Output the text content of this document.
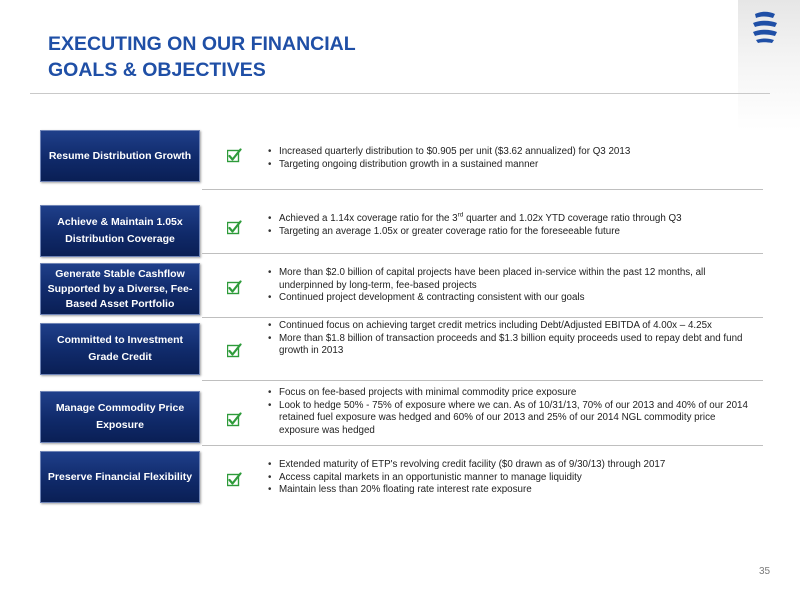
EXECUTING ON OUR FINANCIAL
GOALS & OBJECTIVES
Resume Distribution Growth
•	Increased quarterly distribution to $0.905 per unit ($3.62 annualized) for Q3 2013
• Targeting ongoing distribution growth in a sustained manner
Achieve & Maintain 1.05x Distribution Coverage
• Achieved a 1.14x coverage ratio for the 3rd quarter and 1.02x YTD coverage ratio through Q3
• Targeting an average 1.05x or greater coverage ratio for the foreseeable future
Generate Stable Cashflow Supported by a Diverse, Fee-Based Asset Portfolio
• More than $2.0 billion of capital projects have been placed in-service within the past 12 months, all underpinned by long-term, fee-based projects
• Continued project development & contracting consistent with our goals
Committed to Investment Grade Credit
• Continued focus on achieving target credit metrics including Debt/Adjusted EBITDA of 4.00x – 4.25x
• More than $1.8 billion of transaction proceeds and $1.3 billion equity proceeds used to repay debt and fund growth in 2013
Manage Commodity Price Exposure
• Focus on fee-based projects with minimal commodity price exposure
• Look to hedge 50% - 75% of exposure where we can. As of 10/31/13, 70% of our 2013 and 40% of our 2014 retained fuel exposure was hedged and 60% of our 2013 and 25% of our 2014 NGL commodity price exposure was hedged
Preserve Financial Flexibility
• Extended maturity of ETP's revolving credit facility ($0 drawn as of 9/30/13) through 2017
• Access capital markets in an opportunistic manner to manage liquidity
• Maintain less than 20% floating rate interest rate exposure
35
